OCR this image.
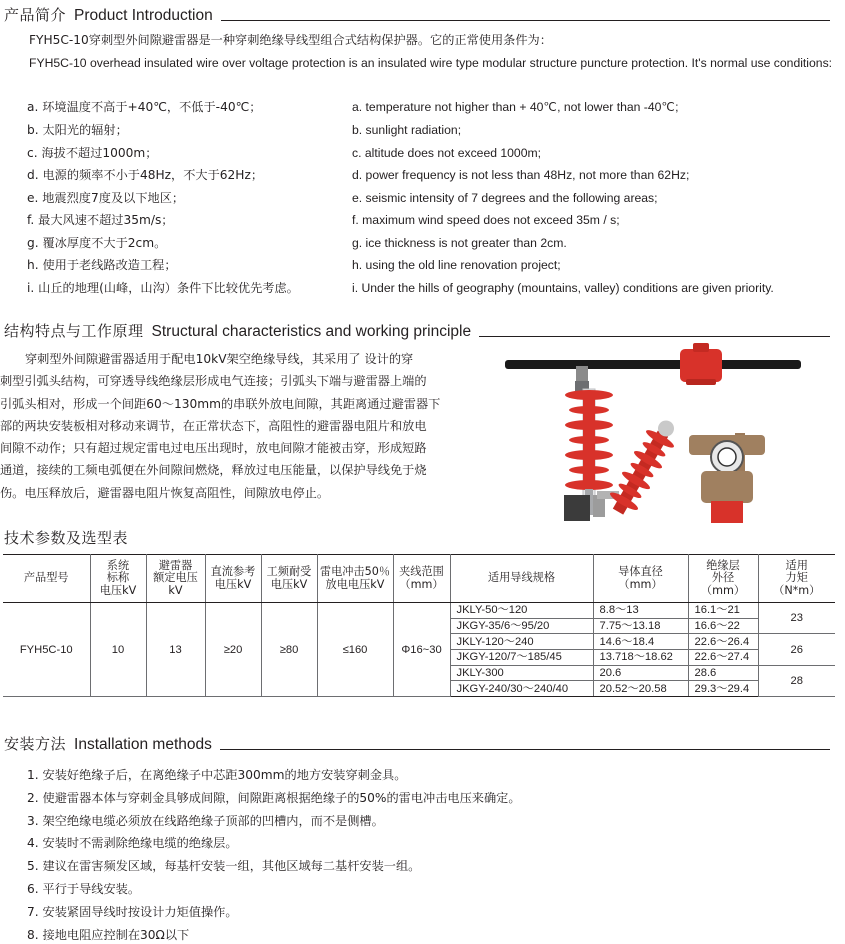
产品简介 Product Introduction
FYH5C-10穿刺型外间隙避雷器是一种穿刺绝缘导线型组合式结构保护器。它的正常使用条件为：
FYH5C-10 overhead insulated wire over voltage protection is an insulated wire type modular structure puncture protection. It's normal use conditions:
a. 环境温度不高于+40℃，不低于-40℃；
b. 太阳光的辐射；
c. 海拔不超过1000m；
d. 电源的频率不小于48Hz，不大于62Hz；
e. 地震烈度7度及以下地区；
f. 最大风速不超过35m/s；
g. 覆冰厚度不大于2cm。
h. 使用于老线路改造工程；
i. 山丘的地理(山峰，山沟）条件下比较优先考虑。
a. temperature not higher than + 40℃, not lower than -40℃;
b. sunlight radiation;
c. altitude does not exceed 1000m;
d. power frequency is not less than 48Hz, not more than 62Hz;
e. seismic intensity of 7 degrees and the following areas;
f. maximum wind speed does not exceed 35m / s;
g. ice thickness is not greater than 2cm.
h. using the old line renovation project;
i. Under the hills of geography (mountains, valley) conditions are given priority.
结构特点与工作原理 Structural characteristics and working principle
穿刺型外间隙避雷器适用于配电10kV架空绝缘导线，其采用了 设计的穿
刺型引弧头结构，可穿透导线绝缘层形成电气连接；引弧头下端与避雷器上端的
引弧头相对，形成一个间距60～130mm的串联外放电间隙，其距离通过避雷器下
部的两块安装板相对移动来调节，在正常状态下，高阻性的避雷器电阻片和放电
间隙不动作；只有超过规定雷电过电压出现时，放电间隙才能被击穿，形成短路
通道，接续的工频电弧便在外间隙间燃烧，释放过电压能量，以保护导线免于烧
伤。电压释放后，避雷器电阻片恢复高阻性，间隙放电停止。
技术参数及选型表
产品型号	系统
标称
电压kV	避雷器
额定电压
kV	直流参考
电压kV	工频耐受
电压kV	雷电冲击50％
放电电压kV	夹线范围
（mm）	适用导线规格	导体直径
（mm）	绝缘层
外径
（mm）	适用
力矩
（N*m）
FYH5C-10	10	13	≥20	≥80	≤160	Φ16~30	JKLY-50～120	8.8～13	16.1～21	23
							JKGY-35/6～95/20	7.75～13.18	16.6～22	
							JKLY-120～240	14.6～18.4	22.6～26.4	26
							JKGY-120/7～185/45	13.718～18.62	22.6～27.4	
							JKLY-300	20.6	28.6	28
							JKGY-240/30～240/40	20.52～20.58	29.3～29.4	
安装方法 Installation methods
1. 安装好绝缘子后，在离绝缘子中芯距300mm的地方安装穿刺金具。
2. 使避雷器本体与穿刺金具够成间隙，间隙距离根据绝缘子的50%的雷电冲击电压来确定。
3. 架空绝缘电缆必须放在线路绝缘子顶部的凹槽内，而不是侧槽。
4. 安装时不需剥除绝缘电缆的绝缘层。
5. 建议在雷害频发区域，每基杆安装一组，其他区域每二基杆安装一组。
6. 平行于导线安装。
7. 安装紧固导线时按设计力矩值操作。
8. 接地电阻应控制在30Ω以下
